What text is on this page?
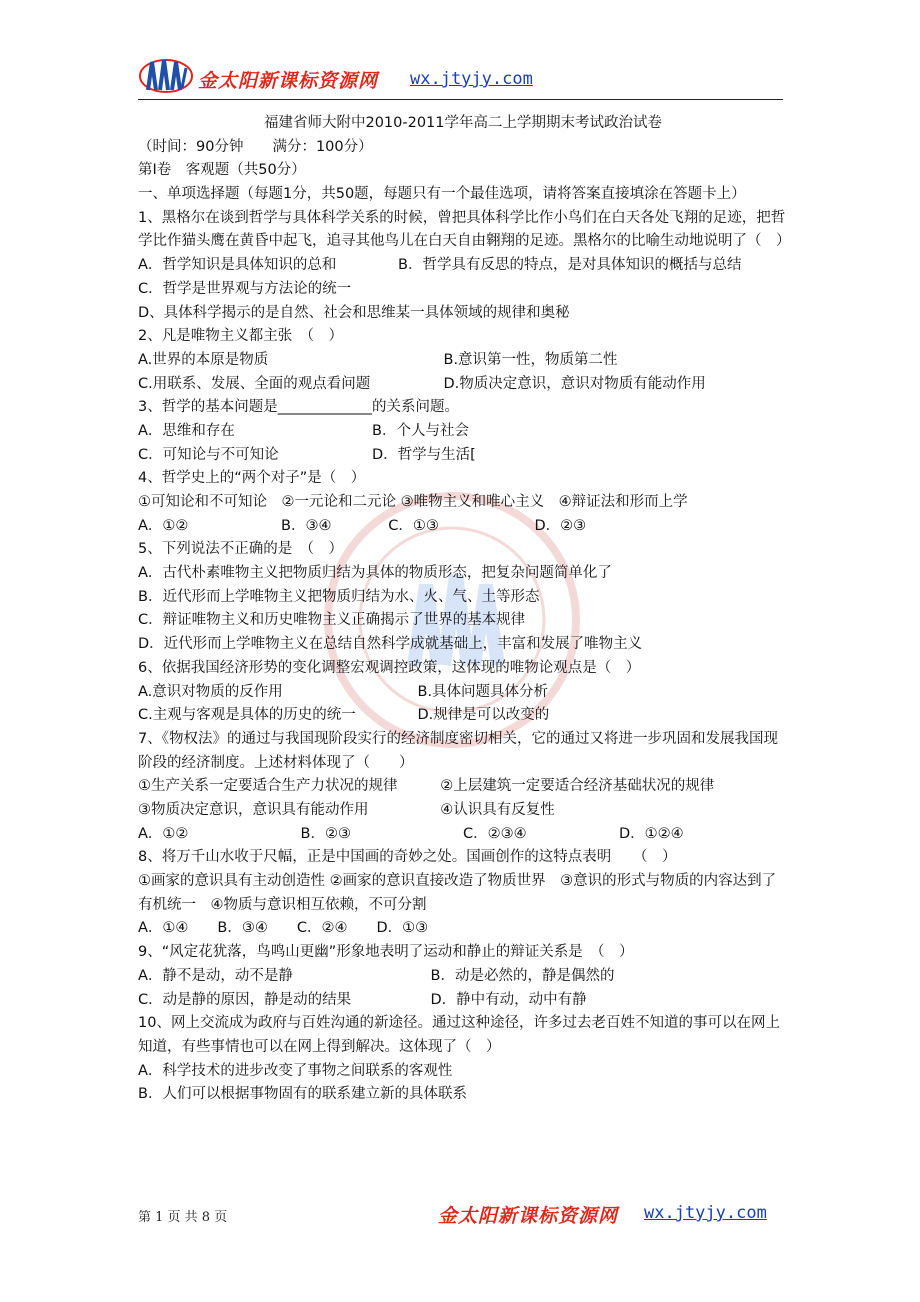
金太阳新课标资源网 wx.jtyjy.com
福建省师大附中2010-2011学年高二上学期期末考试政治试卷
（时间：90分钟　　满分：100分）
第Ⅰ卷　客观题（共50分）
一、单项选择题（每题1分，共50题，每题只有一个最佳选项，请将答案直接填涂在答题卡上）
1、黑格尔在谈到哲学与具体科学关系的时候，曾把具体科学比作小鸟们在白天各处飞翔的足迹，把哲学比作猫头鹰在黄昏中起飞，追寻其他鸟儿在白天自由翱翔的足迹。黑格尔的比喻生动地说明了（　）
A．哲学知识是具体知识的总和	B．哲学具有反思的特点，是对具体知识的概括与总结
C．哲学是世界观与方法论的统一
D、具体科学揭示的是自然、社会和思维某一具体领域的规律和奥秘
2、凡是唯物主义都主张　（　）
A.世界的本原是物质	B.意识第一性，物质第二性
C.用联系、发展、全面的观点看问题	D.物质决定意识，意识对物质有能动作用
3、哲学的基本问题是_____________的关系问题。
A．思维和存在	B．个人与社会
C．可知论与不可知论	D．哲学与生活[
4、哲学史上的“两个对子”是（　）
①可知论和不可知论　②一元论和二元论 ③唯物主义和唯心主义　④辩证法和形而上学
A．①②	B．③④	C．①③	D．②③
5、下列说法不正确的是　（　）
A．古代朴素唯物主义把物质归结为具体的物质形态，把复杂问题简单化了
B．近代形而上学唯物主义把物质归结为水、火、气、土等形态
C．辩证唯物主义和历史唯物主义正确揭示了世界的基本规律
D．近代形而上学唯物主义在总结自然科学成就基础上，丰富和发展了唯物主义
6、依据我国经济形势的变化调整宏观调控政策，这体现的唯物论观点是（　）
A.意识对物质的反作用	B.具体问题具体分析
C.主观与客观是具体的历史的统一	D.规律是可以改变的
7、《物权法》的通过与我国现阶段实行的经济制度密切相关，它的通过又将进一步巩固和发展我国现阶段的经济制度。上述材料体现了（　　）
①生产关系一定要适合生产力状况的规律	②上层建筑一定要适合经济基础状况的规律
③物质决定意识，意识具有能动作用	④认识具有反复性
A．①②	B．②③	C．②③④	D．①②④
8、将万千山水收于尺幅，正是中国画的奇妙之处。国画创作的这特点表明　　（　）
①画家的意识具有主动创造性 ②画家的意识直接改造了物质世界　③意识的形式与物质的内容达到了有机统一　④物质与意识相互依赖，不可分割
A．①④　　B．③④　　C．②④　　D．①③
9、“风定花犹落，鸟鸣山更幽”形象地表明了运动和静止的辩证关系是　（　）
A．静不是动，动不是静	B．动是必然的，静是偶然的
C．动是静的原因，静是动的结果	D．静中有动，动中有静
10、网上交流成为政府与百姓沟通的新途径。通过这种途径，许多过去老百姓不知道的事可以在网上知道，有些事情也可以在网上得到解决。这体现了（　）
A．科学技术的进步改变了事物之间联系的客观性
B．人们可以根据事物固有的联系建立新的具体联系
第 1 页 共 8 页	金太阳新课标资源网 wx.jtyjy.com
